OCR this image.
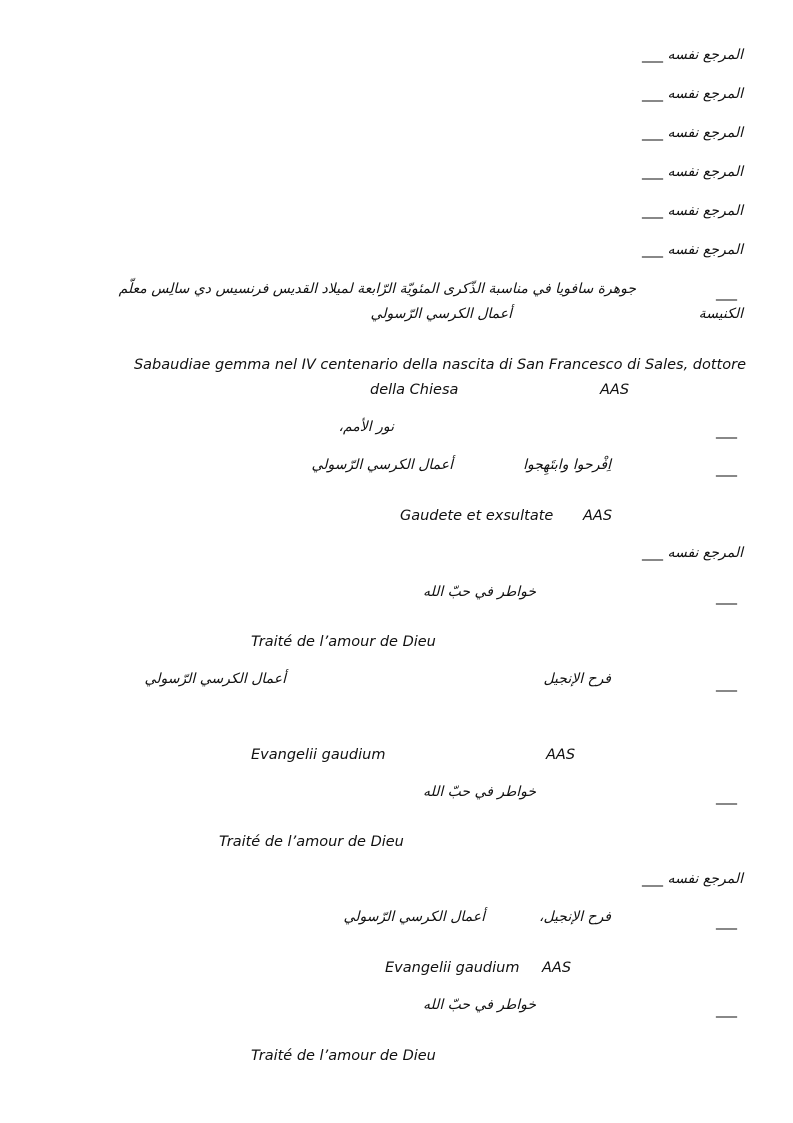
المرجع نفسه ___
المرجع نفسه ___
المرجع نفسه ___
المرجع نفسه ___
المرجع نفسه ___
المرجع نفسه ___
___
جوهرة سافويا في مناسبة الذّكرى المئويّة الرّابعة لميلاد القديس فرنسيس دي سالِس معلّم
الكنيسة
أعمال الكرسي الرّسولي
Sabaudiae gemma nel IV centenario della nascita di San Francesco di Sales, dottore
della Chiesa	AAS
___
نور الأمم،
___
اِفْرحوا وابتَهِجوا
أعمال الكرسي الرّسولي
Gaudete et exsultate AAS
المرجع نفسه ___
___
خواطر في حبّ الله
Traité de l’amour de Dieu
___
فرح الإنجيل
أعمال الكرسي الرّسولي
Evangelii gaudium	AAS
___
خواطر في حبّ الله
Traité de l’amour de Dieu
المرجع نفسه ___
___
فرح الإنجيل،
أعمال الكرسي الرّسولي
Evangelii gaudium AAS
___
خواطر في حبّ الله
Traité de l’amour de Dieu
